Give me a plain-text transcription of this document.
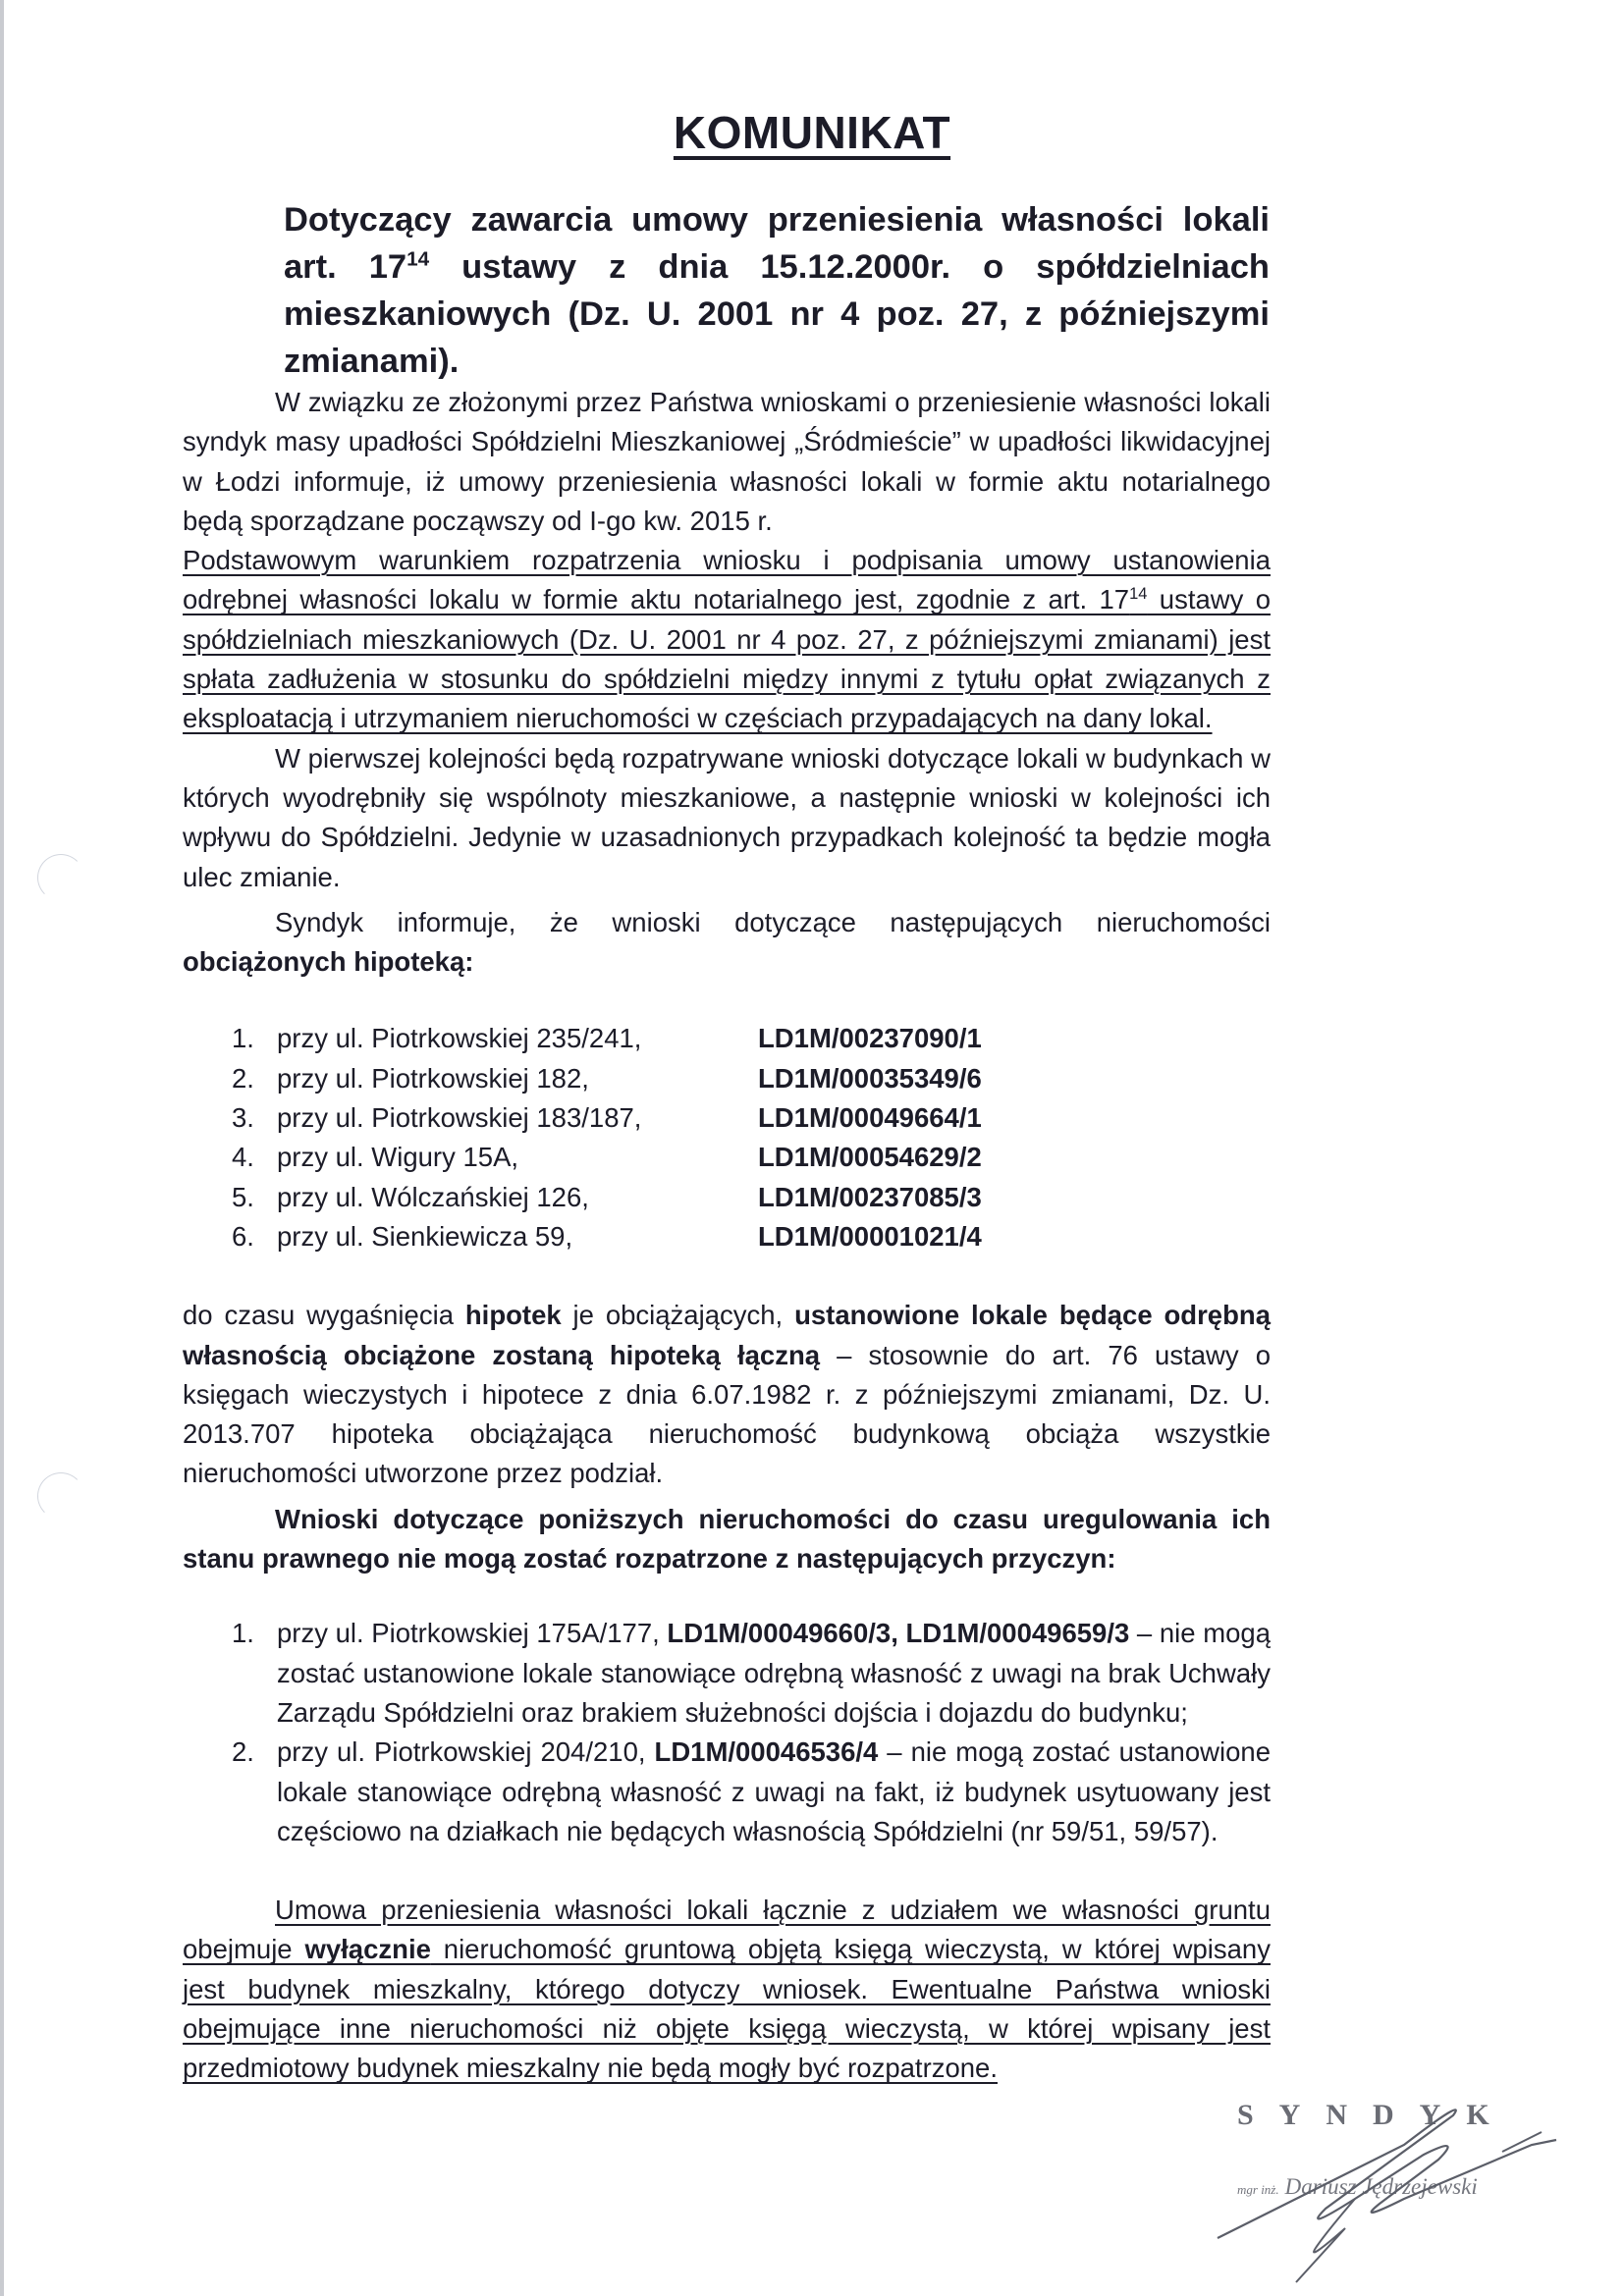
KOMUNIKAT
Dotyczący zawarcia umowy przeniesienia własności lokali art. $17^{14}$ ustawy z dnia 15.12.2000r. o spółdzielniach mieszkaniowych (Dz. U. 2001 nr 4 poz. 27, z późniejszymi zmianami).

W związku ze złożonymi przez Państwa wnioskami o przeniesienie własności lokali syndyk masy upadłości Spółdzielni Mieszkaniowej „Śródmieście” w upadłości likwidacyjnej w Łodzi informuje, iż umowy przeniesienia własności lokali w formie aktu notarialnego będą sporządzane począwszy od I-go kw. 2015 r.

Podstawowym warunkiem rozpatrzenia wniosku i podpisania umowy ustanowienia odrębnej własności lokalu w formie aktu notarialnego jest, zgodnie z art. $17^{14}$ ustawy o spółdzielniach mieszkaniowych (Dz. U. 2001 nr 4 poz. 27, z późniejszymi zmianami) jest spłata zadłużenia w stosunku do spółdzielni między innymi z tytułu opłat związanych z eksploatacją i utrzymaniem nieruchomości w częściach przypadających na dany lokal.

W pierwszej kolejności będą rozpatrywane wnioski dotyczące lokali w budynkach w których wyodrębniły się wspólnoty mieszkaniowe, a następnie wnioski w kolejności ich wpływu do Spółdzielni. Jedynie w uzasadnionych przypadkach kolejność ta będzie mogła ulec zmianie.

Syndyk informuje, że wnioski dotyczące następujących nieruchomości obciążonych hipoteką:

1. przy ul. Piotrkowskiej 235/241,	LD1M/00237090/1
2. przy ul. Piotrkowskiej 182,	LD1M/00035349/6
3. przy ul. Piotrkowskiej 183/187,	LD1M/00049664/1
4. przy ul. Wigury 15A,	LD1M/00054629/2
5. przy ul. Wólczańskiej 126,	LD1M/00237085/3
6. przy ul. Sienkiewicza 59,	LD1M/00001021/4

do czasu wygaśnięcia hipotek je obciążających, ustanowione lokale będące odrębną własnością obciążone zostaną hipoteką łączną – stosownie do art. 76 ustawy o księgach wieczystych i hipotece z dnia 6.07.1982 r. z późniejszymi zmianami, Dz. U. 2013.707 hipoteka obciążająca nieruchomość budynkową obciąża wszystkie nieruchomości utworzone przez podział.

Wnioski dotyczące poniższych nieruchomości do czasu uregulowania ich stanu prawnego nie mogą zostać rozpatrzone z następujących przyczyn:

1. przy ul. Piotrkowskiej 175A/177, LD1M/00049660/3, LD1M/00049659/3 – nie mogą zostać ustanowione lokale stanowiące odrębną własność z uwagi na brak Uchwały Zarządu Spółdzielni oraz brakiem służebności dojścia i dojazdu do budynku;
2. przy ul. Piotrkowskiej 204/210, LD1M/00046536/4 – nie mogą zostać ustanowione lokale stanowiące odrębną własność z uwagi na fakt, iż budynek usytuowany jest częściowo na działkach nie będących własnością Spółdzielni (nr 59/51, 59/57).

Umowa przeniesienia własności lokali łącznie z udziałem we własności gruntu obejmuje wyłącznie nieruchomość gruntową objętą księgą wieczystą, w której wpisany jest budynek mieszkalny, którego dotyczy wniosek. Ewentualne Państwa wnioski obejmujące inne nieruchomości niż objęte księgą wieczystą, w której wpisany jest przedmiotowy budynek mieszkalny nie będą mogły być rozpatrzone.

SYNDYK
mgr inż. Dariusz Jędrzejewski
